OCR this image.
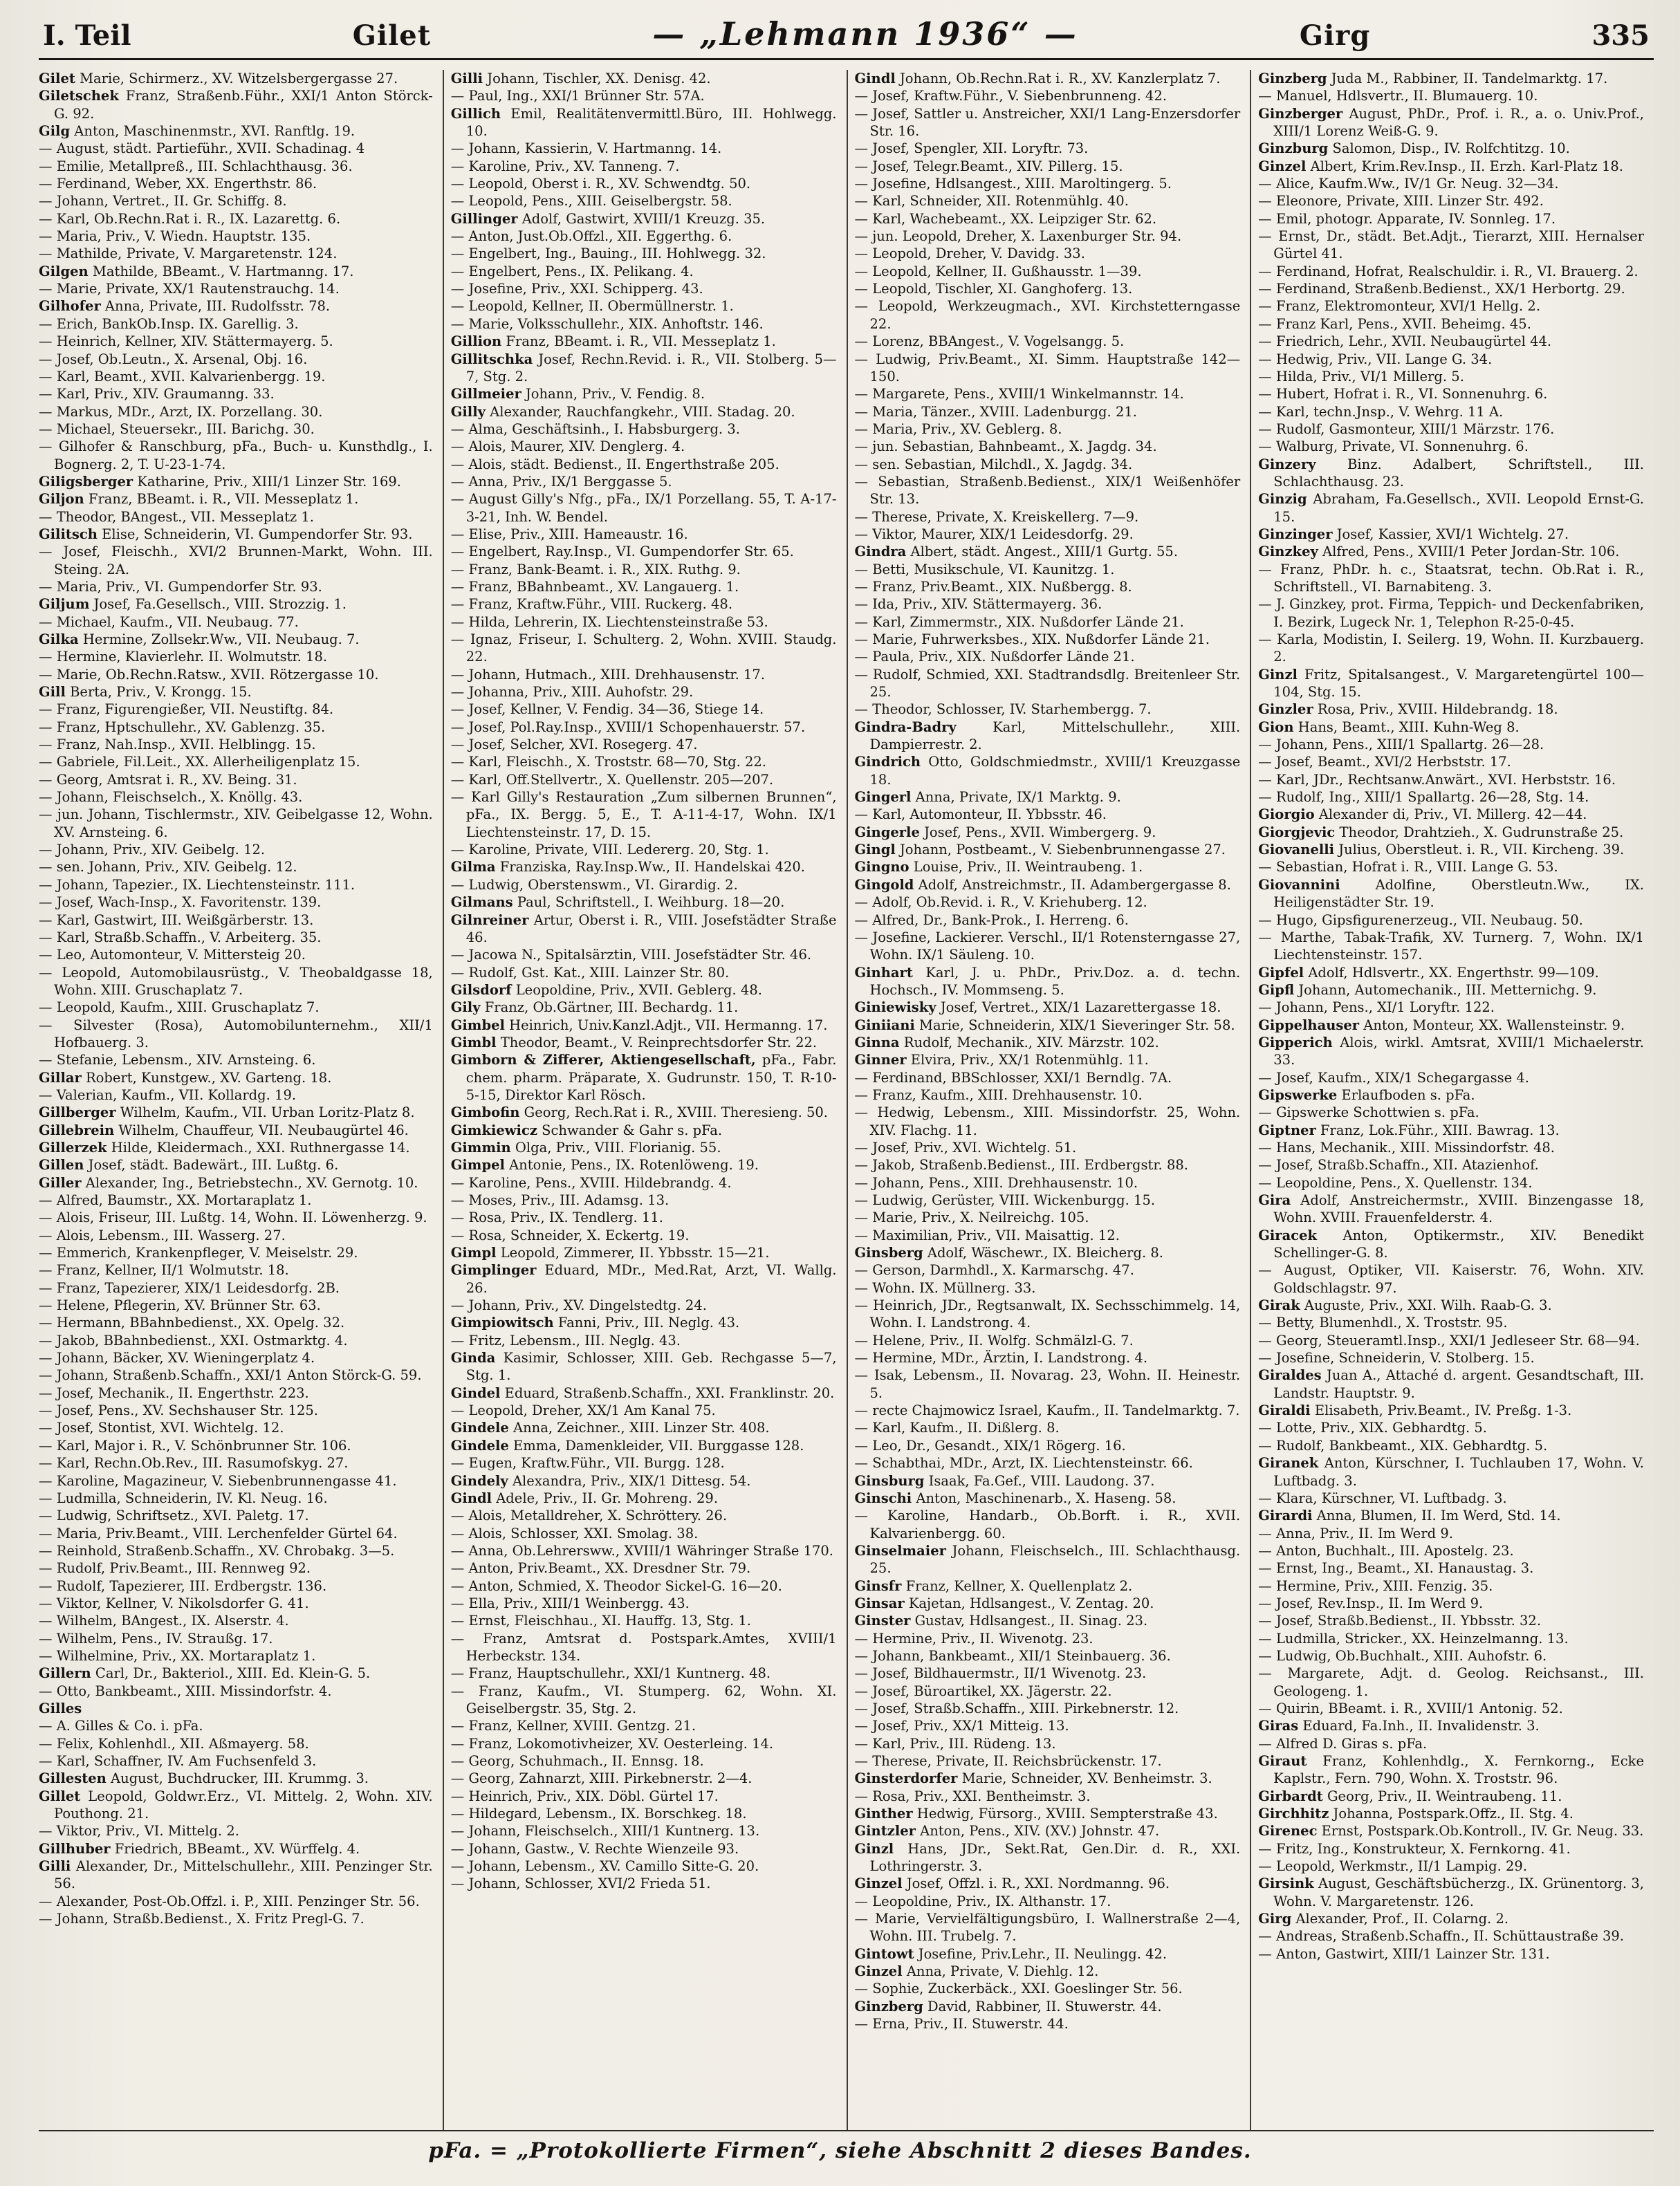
I. Teil	Gilet	— „Lehmann 1936“ —	Girg	335

Gilet Marie, Schirmerz., XV. Witzelsbergergasse 27.

Giletschek Franz, Straßenb.Führ., XXI/1 Anton Störck-G. 92.

Gilg Anton, Maschinenmstr., XVI. Ranftlg. 19.

— August, städt. Partieführ., XVII. Schadinag. 4

— Emilie, Metallpreß., III. Schlachthausg. 36.

— Ferdinand, Weber, XX. Engerthstr. 86.

— Johann, Vertret., II. Gr. Schiffg. 8.

— Karl, Ob.Rechn.Rat i. R., IX. Lazarettg. 6.

— Maria, Priv., V. Wiedn. Hauptstr. 135.

— Mathilde, Private, V. Margaretenstr. 124.

Gilgen Mathilde, BBeamt., V. Hartmanng. 17.

— Marie, Private, XX/1 Rautenstrauchg. 14.

Gilhofer Anna, Private, III. Rudolfsstr. 78.

— Erich, BankOb.Insp. IX. Garellig. 3.

— Heinrich, Kellner, XIV. Stättermayerg. 5.

— Josef, Ob.Leutn., X. Arsenal, Obj. 16.

— Karl, Beamt., XVII. Kalvarienbergg. 19.

— Karl, Priv., XIV. Graumanng. 33.

— Markus, MDr., Arzt, IX. Porzellang. 30.

— Michael, Steuersekr., III. Barichg. 30.

— Gilhofer & Ranschburg, pFa., Buch- u. Kunsthdlg., I. Bognerg. 2, T. U-23-1-74.

Giligsberger Katharine, Priv., XIII/1 Linzer Str. 169.

Giljon Franz, BBeamt. i. R., VII. Messeplatz 1.

— Theodor, BAngest., VII. Messeplatz 1.

Gilitsch Elise, Schneiderin, VI. Gumpendorfer Str. 93.

— Josef, Fleischh., XVI/2 Brunnen-Markt, Wohn. III. Steing. 2A.

— Maria, Priv., VI. Gumpendorfer Str. 93.

Giljum Josef, Fa.Gesellsch., VIII. Strozzig. 1.

— Michael, Kaufm., VII. Neubaug. 77.

Gilka Hermine, Zollsekr.Ww., VII. Neubaug. 7.

— Hermine, Klavierlehr. II. Wolmutstr. 18.

— Marie, Ob.Rechn.Ratsw., XVII. Rötzergasse 10.

Gill Berta, Priv., V. Krongg. 15.

— Franz, Figurengießer, VII. Neustiftg. 84.

— Franz, Hptschullehr., XV. Gablenzg. 35.

— Franz, Nah.Insp., XVII. Helblingg. 15.

— Gabriele, Fil.Leit., XX. Allerheiligenplatz 15.

— Georg, Amtsrat i. R., XV. Being. 31.

— Johann, Fleischselch., X. Knöllg. 43.

— jun. Johann, Tischlermstr., XIV. Geibelgasse 12, Wohn. XV. Arnsteing. 6.

— Johann, Priv., XIV. Geibelg. 12.

— sen. Johann, Priv., XIV. Geibelg. 12.

— Johann, Tapezier., IX. Liechtensteinstr. 111.

— Josef, Wach-Insp., X. Favoritenstr. 139.

— Karl, Gastwirt, III. Weißgärberstr. 13.

— Karl, Straßb.Schaffn., V. Arbeiterg. 35.

— Leo, Automonteur, V. Mittersteig 20.

— Leopold, Automobilausrüstg., V. Theobaldgasse 18, Wohn. XIII. Gruschaplatz 7.

— Leopold, Kaufm., XIII. Gruschaplatz 7.

— Silvester (Rosa), Automobilunternehm., XII/1 Hofbauerg. 3.

— Stefanie, Lebensm., XIV. Arnsteing. 6.

Gillar Robert, Kunstgew., XV. Garteng. 18.

— Valerian, Kaufm., VII. Kollardg. 19.

Gillberger Wilhelm, Kaufm., VII. Urban Loritz-Platz 8.

Gillebrein Wilhelm, Chauffeur, VII. Neubaugürtel 46.

Gillerzek Hilde, Kleidermach., XXI. Ruthnergasse 14.

Gillen Josef, städt. Badewärt., III. Lußtg. 6.

Giller Alexander, Ing., Betriebstechn., XV. Gernotg. 10.

— Alfred, Baumstr., XX. Mortaraplatz 1.

— Alois, Friseur, III. Lußtg. 14, Wohn. II. Löwenherzg. 9.

— Alois, Lebensm., III. Wasserg. 27.

— Emmerich, Krankenpfleger, V. Meiselstr. 29.

— Franz, Kellner, II/1 Wolmutstr. 18.

— Franz, Tapezierer, XIX/1 Leidesdorfg. 2B.

— Helene, Pflegerin, XV. Brünner Str. 63.

— Hermann, BBahnbedienst., XX. Opelg. 32.

— Jakob, BBahnbedienst., XXI. Ostmarktg. 4.

— Johann, Bäcker, XV. Wieningerplatz 4.

— Johann, Straßenb.Schaffn., XXI/1 Anton Störck-G. 59.

— Josef, Mechanik., II. Engerthstr. 223.

— Josef, Pens., XV. Sechshauser Str. 125.

— Josef, Stontist, XVI. Wichtelg. 12.

— Karl, Major i. R., V. Schönbrunner Str. 106.

— Karl, Rechn.Ob.Rev., III. Rasumofskyg. 27.

— Karoline, Magazineur, V. Siebenbrunnengasse 41.

— Ludmilla, Schneiderin, IV. Kl. Neug. 16.

— Ludwig, Schriftsetz., XVI. Paletg. 17.

— Maria, Priv.Beamt., VIII. Lerchenfelder Gürtel 64.

— Reinhold, Straßenb.Schaffn., XV. Chrobakg. 3—5.

— Rudolf, Priv.Beamt., III. Rennweg 92.

— Rudolf, Tapezierer, III. Erdbergstr. 136.

— Viktor, Kellner, V. Nikolsdorfer G. 41.

— Wilhelm, BAngest., IX. Alserstr. 4.

— Wilhelm, Pens., IV. Straußg. 17.

— Wilhelmine, Priv., XX. Mortaraplatz 1.

Gillern Carl, Dr., Bakteriol., XIII. Ed. Klein-G. 5.

— Otto, Bankbeamt., XIII. Missindorfstr. 4.

Gilles

— A. Gilles & Co. i. pFa.

— Felix, Kohlenhdl., XII. Aßmayerg. 58.

— Karl, Schaffner, IV. Am Fuchsenfeld 3.

Gillesten August, Buchdrucker, III. Krummg. 3.

Gillet Leopold, Goldwr.Erz., VI. Mittelg. 2, Wohn. XIV. Pouthong. 21.

— Viktor, Priv., VI. Mittelg. 2.

Gillhuber Friedrich, BBeamt., XV. Würffelg. 4.

Gilli Alexander, Dr., Mittelschullehr., XIII. Penzinger Str. 56.

— Alexander, Post-Ob.Offzl. i. P., XIII. Penzinger Str. 56.

— Johann, Straßb.Bedienst., X. Fritz Pregl-G. 7.

Gilli Johann, Tischler, XX. Denisg. 42.

— Paul, Ing., XXI/1 Brünner Str. 57A.

Gillich Emil, Realitätenvermittl.Büro, III. Hohlwegg. 10.

— Johann, Kassierin, V. Hartmanng. 14.

— Karoline, Priv., XV. Tanneng. 7.

— Leopold, Oberst i. R., XV. Schwendtg. 50.

— Leopold, Pens., XIII. Geiselbergstr. 58.

Gillinger Adolf, Gastwirt, XVIII/1 Kreuzg. 35.

— Anton, Just.Ob.Offzl., XII. Eggerthg. 6.

— Engelbert, Ing., Bauing., III. Hohlwegg. 32.

— Engelbert, Pens., IX. Pelikang. 4.

— Josefine, Priv., XXI. Schipperg. 43.

— Leopold, Kellner, II. Obermüllnerstr. 1.

— Marie, Volksschullehr., XIX. Anhoftstr. 146.

Gillion Franz, BBeamt. i. R., VII. Messeplatz 1.

Gillitschka Josef, Rechn.Revid. i. R., VII. Stolberg. 5—7, Stg. 2.

Gillmeier Johann, Priv., V. Fendig. 8.

Gilly Alexander, Rauchfangkehr., VIII. Stadag. 20.

— Alma, Geschäftsinh., I. Habsburgerg. 3.

— Alois, Maurer, XIV. Denglerg. 4.

— Alois, städt. Bedienst., II. Engerthstraße 205.

— Anna, Priv., IX/1 Berggasse 5.

— August Gilly's Nfg., pFa., IX/1 Porzellang. 55, T. A-17-3-21, Inh. W. Bendel.

— Elise, Priv., XIII. Hameaustr. 16.

— Engelbert, Ray.Insp., VI. Gumpendorfer Str. 65.

— Franz, Bank-Beamt. i. R., XIX. Ruthg. 9.

— Franz, BBahnbeamt., XV. Langauerg. 1.

— Franz, Kraftw.Führ., VIII. Ruckerg. 48.

— Hilda, Lehrerin, IX. Liechtensteinstraße 53.

— Ignaz, Friseur, I. Schulterg. 2, Wohn. XVIII. Staudg. 22.

— Johann, Hutmach., XIII. Drehhausenstr. 17.

— Johanna, Priv., XIII. Auhofstr. 29.

— Josef, Kellner, V. Fendig. 34—36, Stiege 14.

— Josef, Pol.Ray.Insp., XVIII/1 Schopenhauerstr. 57.

— Josef, Selcher, XVI. Rosegerg. 47.

— Karl, Fleischh., X. Troststr. 68—70, Stg. 22.

— Karl, Off.Stellvertr., X. Quellenstr. 205—207.

— Karl Gilly's Restauration „Zum silbernen Brunnen“, pFa., IX. Bergg. 5, E., T. A-11-4-17, Wohn. IX/1 Liechtensteinstr. 17, D. 15.

— Karoline, Private, VIII. Ledererg. 20, Stg. 1.

Gilma Franziska, Ray.Insp.Ww., II. Handelskai 420.

— Ludwig, Oberstenswm., VI. Girardig. 2.

Gilmans Paul, Schriftstell., I. Weihburg. 18—20.

Gilnreiner Artur, Oberst i. R., VIII. Josefstädter Straße 46.

— Jacowa N., Spitalsärztin, VIII. Josefstädter Str. 46.

— Rudolf, Gst. Kat., XIII. Lainzer Str. 80.

Gilsdorf Leopoldine, Priv., XVII. Geblerg. 48.

Gily Franz, Ob.Gärtner, III. Bechardg. 11.

Gimbel Heinrich, Univ.Kanzl.Adjt., VII. Hermanng. 17.

Gimbl Theodor, Beamt., V. Reinprechtsdorfer Str. 22.

Gimborn & Zifferer, Aktiengesellschaft, pFa., Fabr. chem. pharm. Präparate, X. Gudrunstr. 150, T. R-10-5-15, Direktor Karl Rösch.

Gimbofin Georg, Rech.Rat i. R., XVIII. Theresieng. 50.

Gimkiewicz Schwander & Gahr s. pFa.

Gimmin Olga, Priv., VIII. Florianig. 55.

Gimpel Antonie, Pens., IX. Rotenlöweng. 19.

— Karoline, Pens., XVIII. Hildebrandg. 4.

— Moses, Priv., III. Adamsg. 13.

— Rosa, Priv., IX. Tendlerg. 11.

— Rosa, Schneider, X. Eckertg. 19.

Gimpl Leopold, Zimmerer, II. Ybbsstr. 15—21.

Gimplinger Eduard, MDr., Med.Rat, Arzt, VI. Wallg. 26.

— Johann, Priv., XV. Dingelstedtg. 24.

Gimpiowitsch Fanni, Priv., III. Neglg. 43.

— Fritz, Lebensm., III. Neglg. 43.

Ginda Kasimir, Schlosser, XIII. Geb. Rechgasse 5—7, Stg. 1.

Gindel Eduard, Straßenb.Schaffn., XXI. Franklinstr. 20.

— Leopold, Dreher, XX/1 Am Kanal 75.

Gindele Anna, Zeichner., XIII. Linzer Str. 408.

Gindele Emma, Damenkleider, VII. Burggasse 128.

— Eugen, Kraftw.Führ., VII. Burgg. 128.

Gindely Alexandra, Priv., XIX/1 Dittesg. 54.

Gindl Adele, Priv., II. Gr. Mohreng. 29.

— Alois, Metalldreher, X. Schröttery. 26.

— Alois, Schlosser, XXI. Smolag. 38.

— Anna, Ob.Lehrersww., XVIII/1 Währinger Straße 170.

— Anton, Priv.Beamt., XX. Dresdner Str. 79.

— Anton, Schmied, X. Theodor Sickel-G. 16—20.

— Ella, Priv., XIII/1 Weinbergg. 43.

— Ernst, Fleischhau., XI. Hauffg. 13, Stg. 1.

— Franz, Amtsrat d. Postspark.Amtes, XVIII/1 Herbeckstr. 134.

— Franz, Hauptschullehr., XXI/1 Kuntnerg. 48.

— Franz, Kaufm., VI. Stumperg. 62, Wohn. XI. Geiselbergstr. 35, Stg. 2.

— Franz, Kellner, XVIII. Gentzg. 21.

— Franz, Lokomotivheizer, XV. Oesterleing. 14.

— Georg, Schuhmach., II. Ennsg. 18.

— Georg, Zahnarzt, XIII. Pirkebnerstr. 2—4.

— Heinrich, Priv., XIX. Döbl. Gürtel 17.

— Hildegard, Lebensm., IX. Borschkeg. 18.

— Johann, Fleischselch., XIII/1 Kuntnerg. 13.

— Johann, Gastw., V. Rechte Wienzeile 93.

— Johann, Lebensm., XV. Camillo Sitte-G. 20.

— Johann, Schlosser, XVI/2 Frieda 51.

Gindl Johann, Ob.Rechn.Rat i. R., XV. Kanzlerplatz 7.

— Josef, Kraftw.Führ., V. Siebenbrunneng. 42.

— Josef, Sattler u. Anstreicher, XXI/1 Lang-Enzersdorfer Str. 16.

— Josef, Spengler, XII. Loryftr. 73.

— Josef, Telegr.Beamt., XIV. Pillerg. 15.

— Josefine, Hdlsangest., XIII. Maroltingerg. 5.

— Karl, Schneider, XII. Rotenmühlg. 40.

— Karl, Wachebeamt., XX. Leipziger Str. 62.

— jun. Leopold, Dreher, X. Laxenburger Str. 94.

— Leopold, Dreher, V. Davidg. 33.

— Leopold, Kellner, II. Gußhausstr. 1—39.

— Leopold, Tischler, XI. Ganghoferg. 13.

— Leopold, Werkzeugmach., XVI. Kirchstetterngasse 22.

— Lorenz, BBAngest., V. Vogelsangg. 5.

— Ludwig, Priv.Beamt., XI. Simm. Hauptstraße 142—150.

— Margarete, Pens., XVIII/1 Winkelmannstr. 14.

— Maria, Tänzer., XVIII. Ladenburgg. 21.

— Maria, Priv., XV. Geblerg. 8.

— jun. Sebastian, Bahnbeamt., X. Jagdg. 34.

— sen. Sebastian, Milchdl., X. Jagdg. 34.

— Sebastian, Straßenb.Bedienst., XIX/1 Weißenhöfer Str. 13.

— Therese, Private, X. Kreiskellerg. 7—9.

— Viktor, Maurer, XIX/1 Leidesdorfg. 29.

Gindra Albert, städt. Angest., XIII/1 Gurtg. 55.

— Betti, Musikschule, VI. Kaunitzg. 1.

— Franz, Priv.Beamt., XIX. Nußbergg. 8.

— Ida, Priv., XIV. Stättermayerg. 36.

— Karl, Zimmermstr., XIX. Nußdorfer Lände 21.

— Marie, Fuhrwerksbes., XIX. Nußdorfer Lände 21.

— Paula, Priv., XIX. Nußdorfer Lände 21.

— Rudolf, Schmied, XXI. Stadtrandsdlg. Breitenleer Str. 25.

— Theodor, Schlosser, IV. Starhembergg. 7.

Gindra-Badry Karl, Mittelschullehr., XIII. Dampierrestr. 2.

Gindrich Otto, Goldschmiedmstr., XVIII/1 Kreuzgasse 18.

Gingerl Anna, Private, IX/1 Marktg. 9.

— Karl, Automonteur, II. Ybbsstr. 46.

Gingerle Josef, Pens., XVII. Wimbergerg. 9.

Gingl Johann, Postbeamt., V. Siebenbrunnengasse 27.

Gingno Louise, Priv., II. Weintraubeng. 1.

Gingold Adolf, Anstreichmstr., II. Adambergergasse 8.

— Adolf, Ob.Revid. i. R., V. Kriehuberg. 12.

— Alfred, Dr., Bank-Prok., I. Herreng. 6.

— Josefine, Lackierer. Verschl., II/1 Rotensterngasse 27, Wohn. IX/1 Säuleng. 10.

Ginhart Karl, J. u. PhDr., Priv.Doz. a. d. techn. Hochsch., IV. Mommseng. 5.

Giniewisky Josef, Vertret., XIX/1 Lazarettergasse 18.

Giniiani Marie, Schneiderin, XIX/1 Sieveringer Str. 58.

Ginna Rudolf, Mechanik., XIV. Märzstr. 102.

Ginner Elvira, Priv., XX/1 Rotenmühlg. 11.

— Ferdinand, BBSchlosser, XXI/1 Berndlg. 7A.

— Franz, Kaufm., XIII. Drehhausenstr. 10.

— Hedwig, Lebensm., XIII. Missindorfstr. 25, Wohn. XIV. Flachg. 11.

— Josef, Priv., XVI. Wichtelg. 51.

— Jakob, Straßenb.Bedienst., III. Erdbergstr. 88.

— Johann, Pens., XIII. Drehhausenstr. 10.

— Ludwig, Gerüster, VIII. Wickenburgg. 15.

— Marie, Priv., X. Neilreichg. 105.

— Maximilian, Priv., VII. Maisattig. 12.

Ginsberg Adolf, Wäschewr., IX. Bleicherg. 8.

— Gerson, Darmhdl., X. Karmarschg. 47.

— Wohn. IX. Müllnerg. 33.

— Heinrich, JDr., Regtsanwalt, IX. Sechsschimmelg. 14, Wohn. I. Landstrong. 4.

— Helene, Priv., II. Wolfg. Schmälzl-G. 7.

— Hermine, MDr., Ärztin, I. Landstrong. 4.

— Isak, Lebensm., II. Novarag. 23, Wohn. II. Heinestr. 5.

— recte Chajmowicz Israel, Kaufm., II. Tandelmarktg. 7.

— Karl, Kaufm., II. Dißlerg. 8.

— Leo, Dr., Gesandt., XIX/1 Rögerg. 16.

— Schabthai, MDr., Arzt, IX. Liechtensteinstr. 66.

Ginsburg Isaak, Fa.Gef., VIII. Laudong. 37.

Ginschi Anton, Maschinenarb., X. Haseng. 58.

— Karoline, Handarb., Ob.Borft. i. R., XVII. Kalvarienbergg. 60.

Ginselmaier Johann, Fleischselch., III. Schlachthausg. 25.

Ginsfr Franz, Kellner, X. Quellenplatz 2.

Ginsar Kajetan, Hdlsangest., V. Zentag. 20.

Ginster Gustav, Hdlsangest., II. Sinag. 23.

— Hermine, Priv., II. Wivenotg. 23.

— Johann, Bankbeamt., XII/1 Steinbauerg. 36.

— Josef, Bildhauermstr., II/1 Wivenotg. 23.

— Josef, Büroartikel, XX. Jägerstr. 22.

— Josef, Straßb.Schaffn., XIII. Pirkebnerstr. 12.

— Josef, Priv., XX/1 Mitteig. 13.

— Karl, Priv., III. Rüdeng. 13.

— Therese, Private, II. Reichsbrückenstr. 17.

Ginsterdorfer Marie, Schneider, XV. Benheimstr. 3.

— Rosa, Priv., XXI. Bentheimstr. 3.

Ginther Hedwig, Fürsorg., XVIII. Sempterstraße 43.

Gintzler Anton, Pens., XIV. (XV.) Johnstr. 47.

Ginzl Hans, JDr., Sekt.Rat, Gen.Dir. d. R., XXI. Lothringerstr. 3.

Ginzel Josef, Offzl. i. R., XXI. Nordmanng. 96.

— Leopoldine, Priv., IX. Althanstr. 17.

— Marie, Vervielfältigungsbüro, I. Wallnerstraße 2—4, Wohn. III. Trubelg. 7.

Gintowt Josefine, Priv.Lehr., II. Neulingg. 42.

Ginzel Anna, Private, V. Diehlg. 12.

— Sophie, Zuckerbäck., XXI. Goeslinger Str. 56.

Ginzberg David, Rabbiner, II. Stuwerstr. 44.

— Erna, Priv., II. Stuwerstr. 44.

Ginzberg Juda M., Rabbiner, II. Tandelmarktg. 17.

— Manuel, Hdlsvertr., II. Blumauerg. 10.

Ginzberger August, PhDr., Prof. i. R., a. o. Univ.Prof., XIII/1 Lorenz Weiß-G. 9.

Ginzburg Salomon, Disp., IV. Rolfchtitzg. 10.

Ginzel Albert, Krim.Rev.Insp., II. Erzh. Karl-Platz 18.

— Alice, Kaufm.Ww., IV/1 Gr. Neug. 32—34.

— Eleonore, Private, XIII. Linzer Str. 492.

— Emil, photogr. Apparate, IV. Sonnleg. 17.

— Ernst, Dr., städt. Bet.Adjt., Tierarzt, XIII. Hernalser Gürtel 41.

— Ferdinand, Hofrat, Realschuldir. i. R., VI. Brauerg. 2.

— Ferdinand, Straßenb.Bedienst., XX/1 Herbortg. 29.

— Franz, Elektromonteur, XVI/1 Hellg. 2.

— Franz Karl, Pens., XVII. Beheimg. 45.

— Friedrich, Lehr., XVII. Neubaugürtel 44.

— Hedwig, Priv., VII. Lange G. 34.

— Hilda, Priv., VI/1 Millerg. 5.

— Hubert, Hofrat i. R., VI. Sonnenuhrg. 6.

— Karl, techn.Jnsp., V. Wehrg. 11 A.

— Rudolf, Gasmonteur, XIII/1 Märzstr. 176.

— Walburg, Private, VI. Sonnenuhrg. 6.

Ginzery Binz. Adalbert, Schriftstell., III. Schlachthausg. 23.

Ginzig Abraham, Fa.Gesellsch., XVII. Leopold Ernst-G. 15.

Ginzinger Josef, Kassier, XVI/1 Wichtelg. 27.

Ginzkey Alfred, Pens., XVIII/1 Peter Jordan-Str. 106.

— Franz, PhDr. h. c., Staatsrat, techn. Ob.Rat i. R., Schriftstell., VI. Barnabiteng. 3.

— J. Ginzkey, prot. Firma, Teppich- und Deckenfabriken, I. Bezirk, Lugeck Nr. 1, Telephon R-25-0-45.

— Karla, Modistin, I. Seilerg. 19, Wohn. II. Kurzbauerg. 2.

Ginzl Fritz, Spitalsangest., V. Margaretengürtel 100—104, Stg. 15.

Ginzler Rosa, Priv., XVIII. Hildebrandg. 18.

Gion Hans, Beamt., XIII. Kuhn-Weg 8.

— Johann, Pens., XIII/1 Spallartg. 26—28.

— Josef, Beamt., XVI/2 Herbststr. 17.

— Karl, JDr., Rechtsanw.Anwärt., XVI. Herbststr. 16.

— Rudolf, Ing., XIII/1 Spallartg. 26—28, Stg. 14.

Giorgio Alexander di, Priv., VI. Millerg. 42—44.

Giorgjevic Theodor, Drahtzieh., X. Gudrunstraße 25.

Giovanelli Julius, Oberstleut. i. R., VII. Kircheng. 39.

— Sebastian, Hofrat i. R., VIII. Lange G. 53.

Giovannini Adolfine, Oberstleutn.Ww., IX. Heiligenstädter Str. 19.

— Hugo, Gipsfigurenerzeug., VII. Neubaug. 50.

— Marthe, Tabak-Trafik, XV. Turnerg. 7, Wohn. IX/1 Liechtensteinstr. 157.

Gipfel Adolf, Hdlsvertr., XX. Engerthstr. 99—109.

Gipfl Johann, Automechanik., III. Metternichg. 9.

— Johann, Pens., XI/1 Loryftr. 122.

Gippelhauser Anton, Monteur, XX. Wallensteinstr. 9.

Gipperich Alois, wirkl. Amtsrat, XVIII/1 Michaelerstr. 33.

— Josef, Kaufm., XIX/1 Schegargasse 4.

Gipswerke Erlaufboden s. pFa.

— Gipswerke Schottwien s. pFa.

Giptner Franz, Lok.Führ., XIII. Bawrag. 13.

— Hans, Mechanik., XIII. Missindorfstr. 48.

— Josef, Straßb.Schaffn., XII. Atazienhof.

— Leopoldine, Pens., X. Quellenstr. 134.

Gira Adolf, Anstreichermstr., XVIII. Binzengasse 18, Wohn. XVIII. Frauenfelderstr. 4.

Giracek Anton, Optikermstr., XIV. Benedikt Schellinger-G. 8.

— August, Optiker, VII. Kaiserstr. 76, Wohn. XIV. Goldschlagstr. 97.

Girak Auguste, Priv., XXI. Wilh. Raab-G. 3.

— Betty, Blumenhdl., X. Troststr. 95.

— Georg, Steueramtl.Insp., XXI/1 Jedleseer Str. 68—94.

— Josefine, Schneiderin, V. Stolberg. 15.

Giraldes Juan A., Attaché d. argent. Gesandtschaft, III. Landstr. Hauptstr. 9.

Giraldi Elisabeth, Priv.Beamt., IV. Preßg. 1-3.

— Lotte, Priv., XIX. Gebhardtg. 5.

— Rudolf, Bankbeamt., XIX. Gebhardtg. 5.

Giranek Anton, Kürschner, I. Tuchlauben 17, Wohn. V. Luftbadg. 3.

— Klara, Kürschner, VI. Luftbadg. 3.

Girardi Anna, Blumen, II. Im Werd, Std. 14.

— Anna, Priv., II. Im Werd 9.

— Anton, Buchhalt., III. Apostelg. 23.

— Ernst, Ing., Beamt., XI. Hanaustag. 3.

— Hermine, Priv., XIII. Fenzig. 35.

— Josef, Rev.Insp., II. Im Werd 9.

— Josef, Straßb.Bedienst., II. Ybbsstr. 32.

— Ludmilla, Stricker., XX. Heinzelmanng. 13.

— Ludwig, Ob.Buchhalt., XIII. Auhofstr. 6.

— Margarete, Adjt. d. Geolog. Reichsanst., III. Geologeng. 1.

— Quirin, BBeamt. i. R., XVIII/1 Antonig. 52.

Giras Eduard, Fa.Inh., II. Invalidenstr. 3.

— Alfred D. Giras s. pFa.

Giraut Franz, Kohlenhdlg., X. Fernkorng., Ecke Kaplstr., Fern. 790, Wohn. X. Troststr. 96.

Girbardt Georg, Priv., II. Weintraubeng. 11.

Girchhitz Johanna, Postspark.Offz., II. Stg. 4.

Girenec Ernst, Postspark.Ob.Kontroll., IV. Gr. Neug. 33.

— Fritz, Ing., Konstrukteur, X. Fernkorng. 41.

— Leopold, Werkmstr., II/1 Lampig. 29.

Girsink August, Geschäftsbücherzg., IX. Grünentorg. 3, Wohn. V. Margaretenstr. 126.

Girg Alexander, Prof., II. Colarng. 2.

— Andreas, Straßenb.Schaffn., II. Schüttaustraße 39.

— Anton, Gastwirt, XIII/1 Lainzer Str. 131.

pFa. = „Protokollierte Firmen“, siehe Abschnitt 2 dieses Bandes.
